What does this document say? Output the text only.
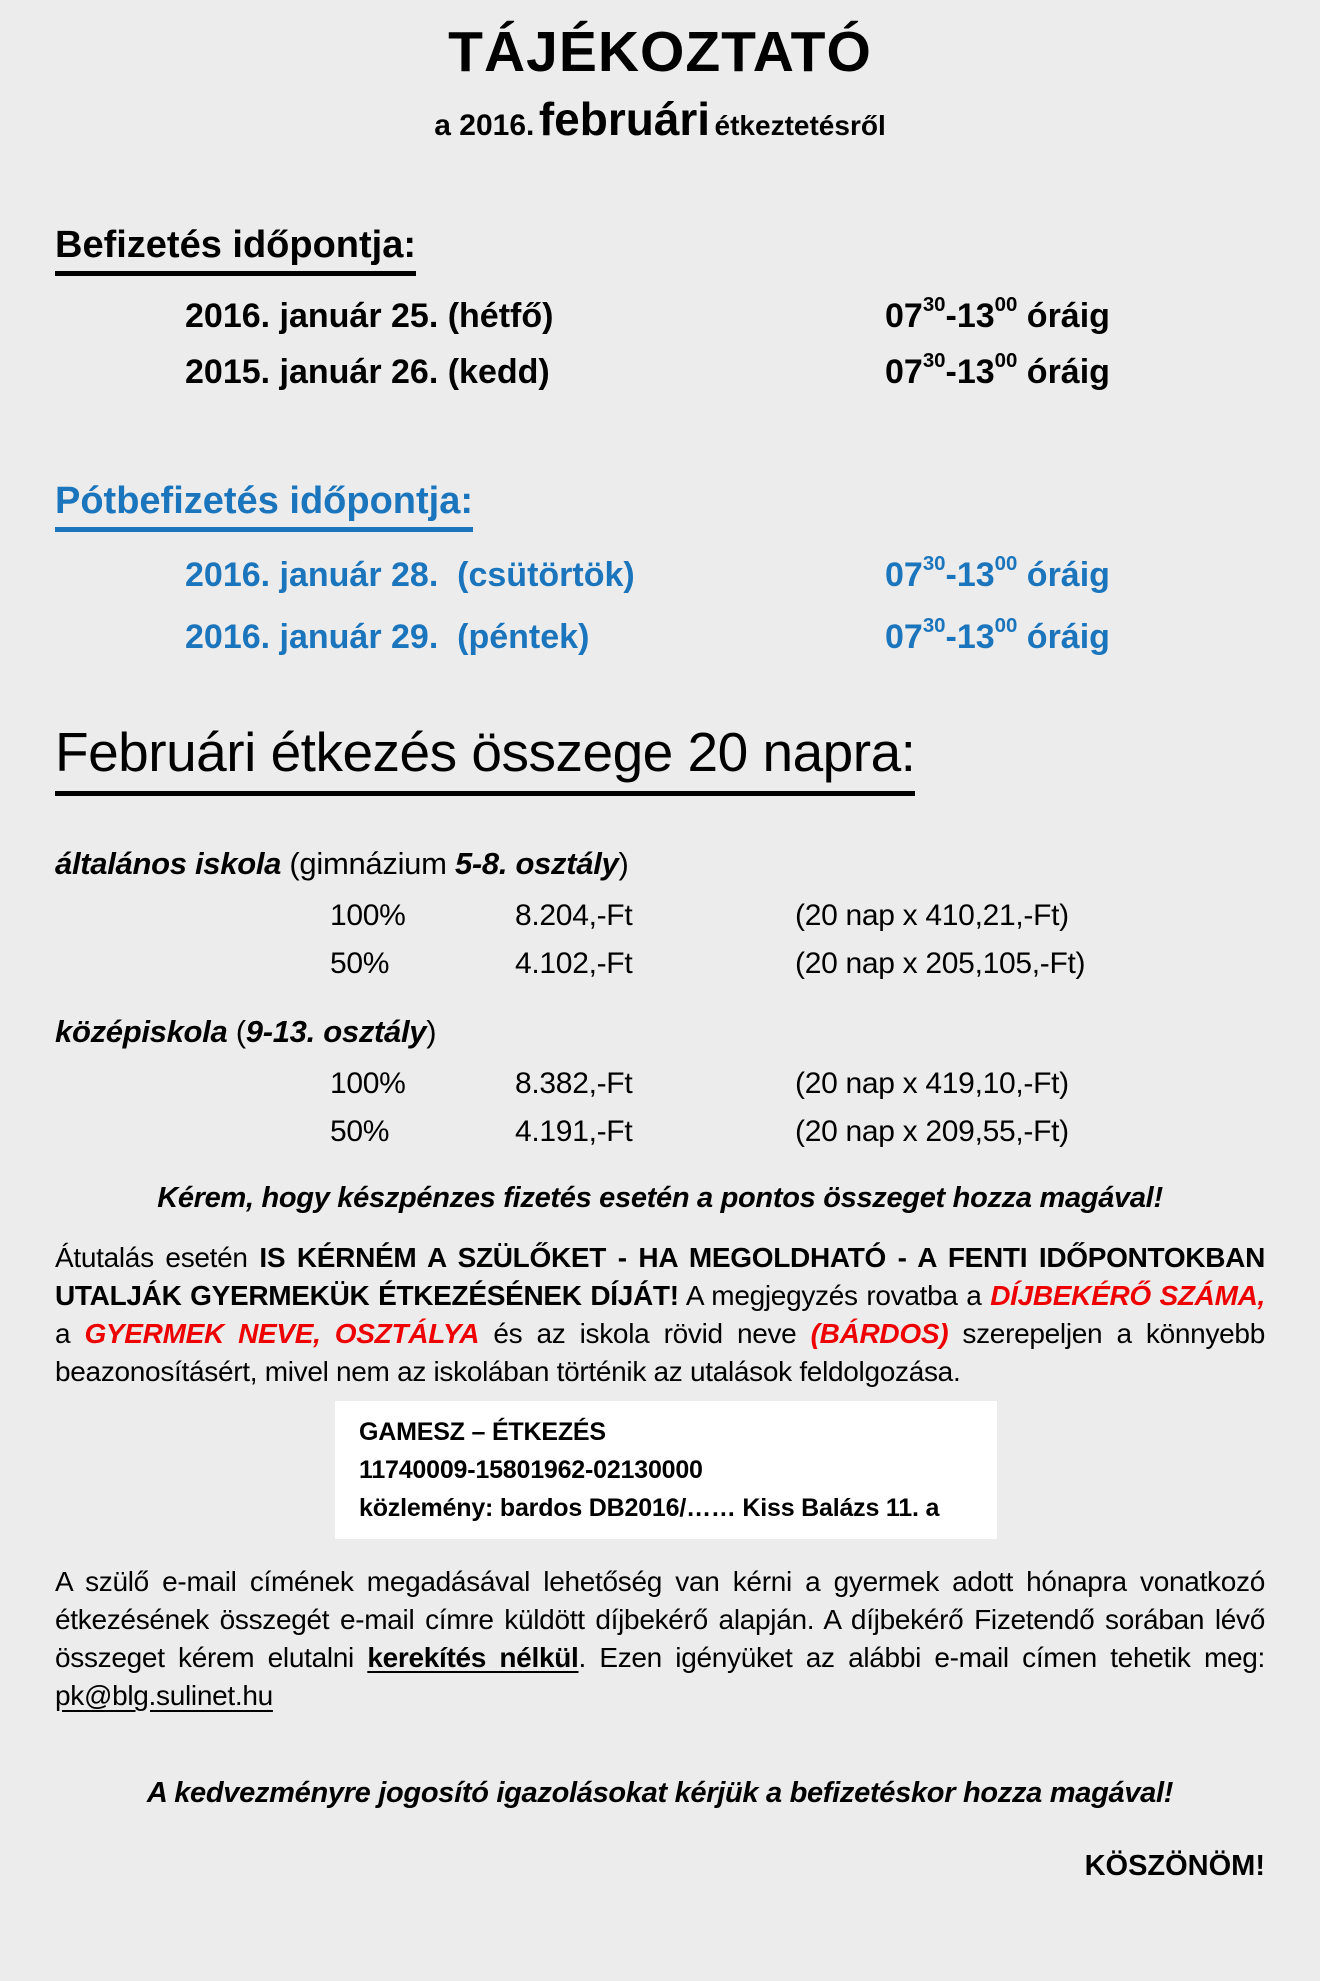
TÁJÉKOZTATÓ
a 2016. februári étkeztetésről
Befizetés időpontja:
2016. január 25. (hétfő)	$07^{30}-13^{00}$ óráig
2015. január 26. (kedd)	$07^{30}-13^{00}$ óráig
Pótbefizetés időpontja:
2016. január 28.  (csütörtök)	$07^{30}-13^{00}$ óráig
2016. január 29.  (péntek)	$07^{30}-13^{00}$ óráig
Februári étkezés összege 20 napra:
általános iskola (gimnázium 5-8. osztály)
100%	8.204,-Ft	(20 nap x 410,21,-Ft)
50%	4.102,-Ft	(20 nap x 205,105,-Ft)
középiskola (9-13. osztály)
100%	8.382,-Ft	(20 nap x 419,10,-Ft)
50%	4.191,-Ft	(20 nap x 209,55,-Ft)
Kérem, hogy készpénzes fizetés esetén a pontos összeget hozza magával!
Átutalás esetén IS KÉRNÉM A SZÜLŐKET - HA MEGOLDHATÓ - A FENTI IDŐPONTOKBAN UTALJÁK GYERMEKÜK ÉTKEZÉSÉNEK DÍJÁT! A megjegyzés rovatba a DÍJBEKÉRŐ SZÁMA, a GYERMEK NEVE, OSZTÁLYA és az iskola rövid neve (BÁRDOS) szerepeljen a könnyebb beazonosításért, mivel nem az iskolában történik az utalások feldolgozása.
GAMESZ – ÉTKEZÉS
11740009-15801962-02130000
közlemény: bardos DB2016/…… Kiss Balázs 11. a
A szülő e-mail címének megadásával lehetőség van kérni a gyermek adott hónapra vonatkozó étkezésének összegét e-mail címre küldött díjbekérő alapján. A díjbekérő Fizetendő sorában lévő összeget kérem elutalni kerekítés nélkül. Ezen igényüket az alábbi e-mail címen tehetik meg: pk@blg.sulinet.hu
A kedvezményre jogosító igazolásokat kérjük a befizetéskor hozza magával!
KÖSZÖNÖM!
